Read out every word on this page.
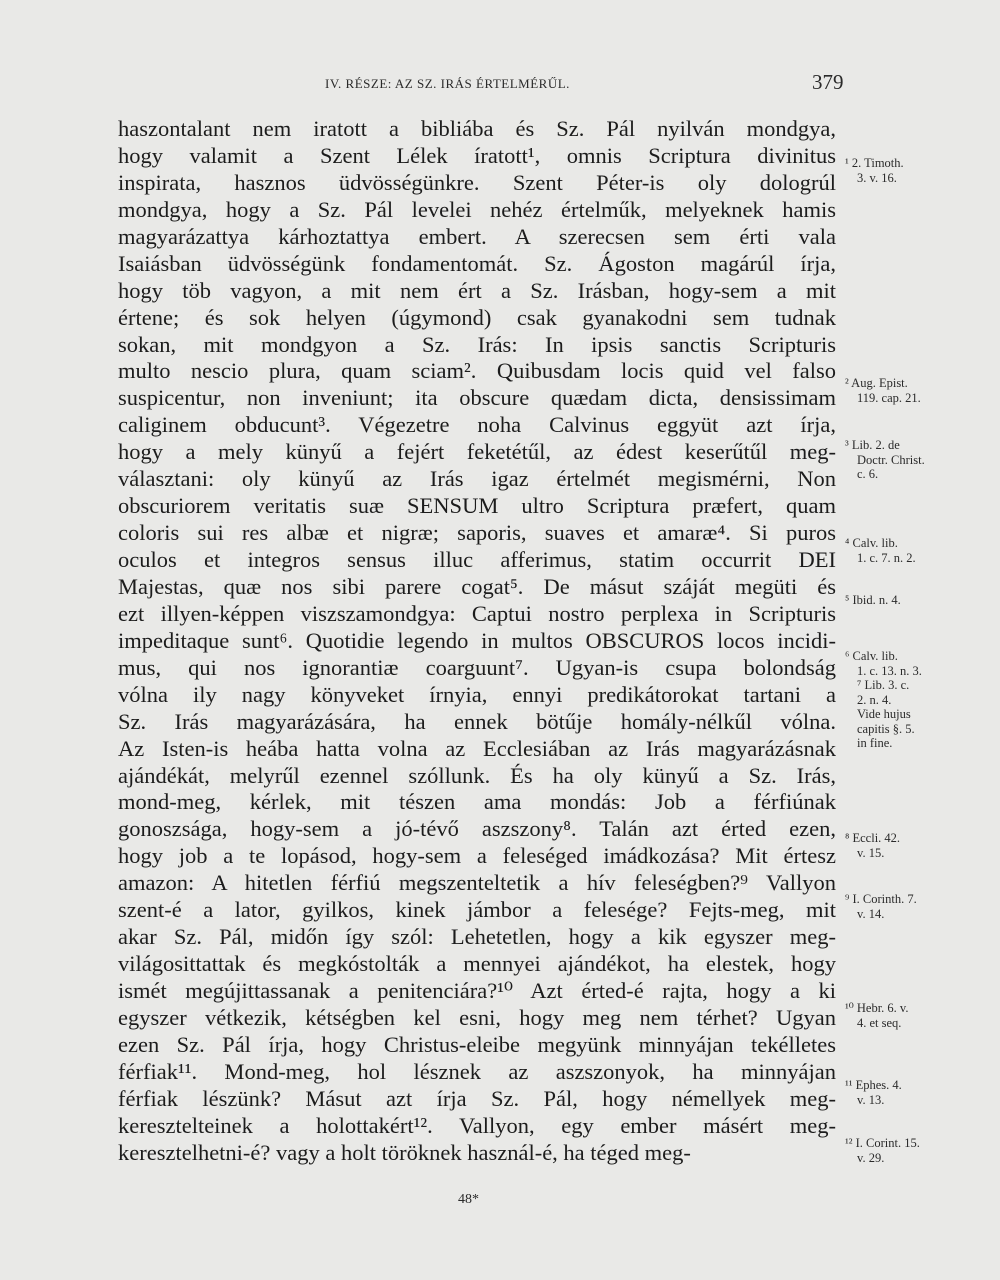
IV. RÉSZE: AZ SZ. IRÁS ÉRTELMÉRŰL.	379
haszontalant nem iratott a bibliába és Sz. Pál nyilván mondgya,
hogy valamit a Szent Lélek íratott¹, omnis Scriptura divinitus
inspirata, hasznos üdvösségünkre. Szent Péter-is oly dologrúl
mondgya, hogy a Sz. Pál levelei nehéz értelműk, melyeknek hamis
magyarázattya kárhoztattya embert. A szerecsen sem érti vala
Isaiásban üdvösségünk fondamentomát. Sz. Ágoston magárúl írja,
hogy töb vagyon, a mit nem ért a Sz. Irásban, hogy-sem a mit
értene; és sok helyen (úgymond) csak gyanakodni sem tudnak
sokan, mit mondgyon a Sz. Irás: In ipsis sanctis Scripturis
multo nescio plura, quam sciam². Quibusdam locis quid vel falso
suspicentur, non inveniunt; ita obscure quædam dicta, densissimam
caliginem obducunt³. Végezetre noha Calvinus eggyüt azt írja,
hogy a mely künyű a fejért feketétűl, az édest keserűtűl meg-
választani: oly künyű az Irás igaz értelmét megismérni, Non
obscuriorem veritatis suæ SENSUM ultro Scriptura præfert, quam
coloris sui res albæ et nigræ; saporis, suaves et amaræ⁴. Si puros
oculos et integros sensus illuc afferimus, statim occurrit DEI
Majestas, quæ nos sibi parere cogat⁵. De másut száját megüti és
ezt illyen-képpen viszszamondgya: Captui nostro perplexa in Scripturis
impeditaque sunt⁶. Quotidie legendo in multos OBSCUROS locos incidi-
mus, qui nos ignorantiæ coarguunt⁷. Ugyan-is csupa bolondság
vólna ily nagy könyveket írnyia, ennyi predikátorokat tartani a
Sz. Irás magyarázására, ha ennek bötűje homály-nélkűl vólna.
Az Isten-is heába hatta volna az Ecclesiában az Irás magyarázásnak
ajándékát, melyrűl ezennel szóllunk. És ha oly künyű a Sz. Irás,
mond-meg, kérlek, mit tészen ama mondás: Job a férfiúnak
gonoszsága, hogy-sem a jó-tévő aszszony⁸. Talán azt érted ezen,
hogy job a te lopásod, hogy-sem a feleséged imádkozása? Mit értesz
amazon: A hitetlen férfiú megszenteltetik a hív feleségben?⁹ Vallyon
szent-é a lator, gyilkos, kinek jámbor a felesége? Fejts-meg, mit
akar Sz. Pál, midőn így szól: Lehetetlen, hogy a kik egyszer meg-
világosittattak és megkóstolták a mennyei ajándékot, ha elestek, hogy
ismét megújittassanak a penitenciára?¹⁰ Azt érted-é rajta, hogy a ki
egyszer vétkezik, kétségben kel esni, hogy meg nem térhet? Ugyan
ezen Sz. Pál írja, hogy Christus-eleibe megyünk minnyájan tekélletes
férfiak¹¹. Mond-meg, hol lésznek az aszszonyok, ha minnyájan
férfiak lészünk? Másut azt írja Sz. Pál, hogy némellyek meg-
keresztelteinek a holottakért¹². Vallyon, egy ember másért meg-
keresztelhetni-é? vagy a holt töröknek használ-é, ha téged meg-
¹ 2. Timoth.
3. v. 16.
² Aug. Epist.
119. cap. 21.
³ Lib. 2. de
Doctr. Christ.
c. 6.
⁴ Calv. lib.
1. c. 7. n. 2.
⁵ Ibid. n. 4.
⁶ Calv. lib.
1. c. 13. n. 3.
⁷ Lib. 3. c.
2. n. 4.
Vide hujus
capitis §. 5.
in fine.
⁸ Eccli. 42.
v. 15.
⁹ I. Corinth. 7.
v. 14.
¹⁰ Hebr. 6. v.
4. et seq.
¹¹ Ephes. 4.
v. 13.
¹² I. Corint. 15.
v. 29.
48*
